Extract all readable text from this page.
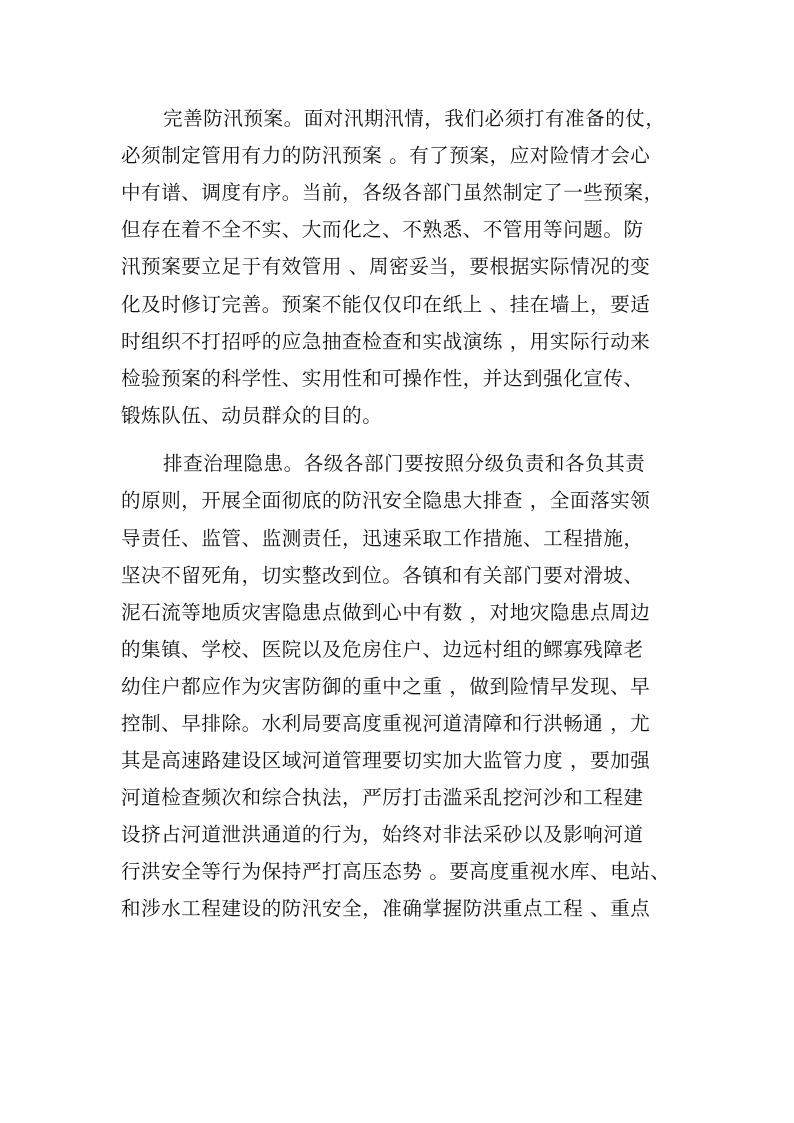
完善防汛预案。面对汛期汛情，我们必须打有准备的仗，
必须制定管用有力的防汛预案 。有了预案，应对险情才会心
中有谱、调度有序。当前，各级各部门虽然制定了一些预案，
但存在着不全不实、大而化之、不熟悉、不管用等问题。防
汛预案要立足于有效管用 、周密妥当，要根据实际情况的变
化及时修订完善。预案不能仅仅印在纸上 、挂在墙上，要适
时组织不打招呼的应急抽查检查和实战演练 ，用实际行动来
检验预案的科学性、实用性和可操作性，并达到强化宣传、
锻炼队伍、动员群众的目的。
排查治理隐患。各级各部门要按照分级负责和各负其责
的原则，开展全面彻底的防汛安全隐患大排查 ，全面落实领
导责任、监管、监测责任，迅速采取工作措施、工程措施，
坚决不留死角，切实整改到位。各镇和有关部门要对滑坡、
泥石流等地质灾害隐患点做到心中有数 ，对地灾隐患点周边
的集镇、学校、医院以及危房住户、边远村组的鳏寡残障老
幼住户都应作为灾害防御的重中之重 ，做到险情早发现、早
控制、早排除。水利局要高度重视河道清障和行洪畅通 ，尤
其是高速路建设区域河道管理要切实加大监管力度 ，要加强
河道检查频次和综合执法，严厉打击滥采乱挖河沙和工程建
设挤占河道泄洪通道的行为，始终对非法采砂以及影响河道
行洪安全等行为保持严打高压态势 。要高度重视水库、电站、
和涉水工程建设的防汛安全，准确掌握防洪重点工程 、重点
